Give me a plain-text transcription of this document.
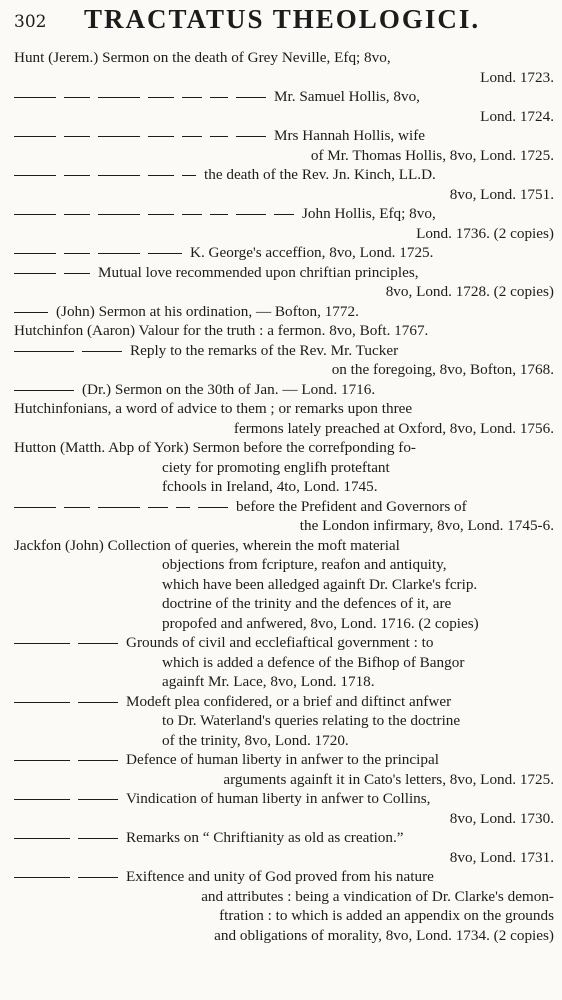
302 TRACTATUS THEOLOGICI.
Hunt (Jerem.) Sermon on the death of Grey Neville, Efq; 8vo,
Lond. 1723.
Mr. Samuel Hollis, 8vo,
Lond. 1724.
Mrs Hannah Hollis, wife
of Mr. Thomas Hollis, 8vo, Lond. 1725.
the death of the Rev. Jn. Kinch, LL.D.
8vo, Lond. 1751.
John Hollis, Efq; 8vo,
Lond. 1736. (2 copies)
K. George's acceffion, 8vo, Lond. 1725.
Mutual love recommended upon chriftian principles,
8vo, Lond. 1728. (2 copies)
(John) Sermon at his ordination, — Bofton, 1772.
Hutchinfon (Aaron) Valour for the truth : a fermon. 8vo, Boft. 1767.
Reply to the remarks of the Rev. Mr. Tucker
on the foregoing, 8vo, Bofton, 1768.
(Dr.) Sermon on the 30th of Jan. — Lond. 1716.
Hutchinfonians, a word of advice to them ; or remarks upon three
fermons lately preached at Oxford, 8vo, Lond. 1756.
Hutton (Matth. Abp of York) Sermon before the correfponding fo-
ciety for promoting englifh proteftant
fchools in Ireland, 4to, Lond. 1745.
before the Prefident and Governors of
the London infirmary, 8vo, Lond. 1745-6.
Jackfon (John) Collection of queries, wherein the moft material
objections from fcripture, reafon and antiquity,
which have been alledged againft Dr. Clarke's fcrip.
doctrine of the trinity and the defences of it, are
propofed and anfwered, 8vo, Lond. 1716. (2 copies)
Grounds of civil and ecclefiaftical government : to
which is added a defence of the Bifhop of Bangor
againft Mr. Lace, 8vo, Lond. 1718.
Modeft plea confidered, or a brief and diftinct anfwer
to Dr. Waterland's queries relating to the doctrine
of the trinity, 8vo, Lond. 1720.
Defence of human liberty in anfwer to the principal
arguments againft it in Cato's letters, 8vo, Lond. 1725.
Vindication of human liberty in anfwer to Collins,
8vo, Lond. 1730.
Remarks on “ Chriftianity as old as creation.”
8vo, Lond. 1731.
Exiftence and unity of God proved from his nature
and attributes : being a vindication of Dr. Clarke's demon-
ftration : to which is added an appendix on the grounds
and obligations of morality, 8vo, Lond. 1734. (2 copies)
